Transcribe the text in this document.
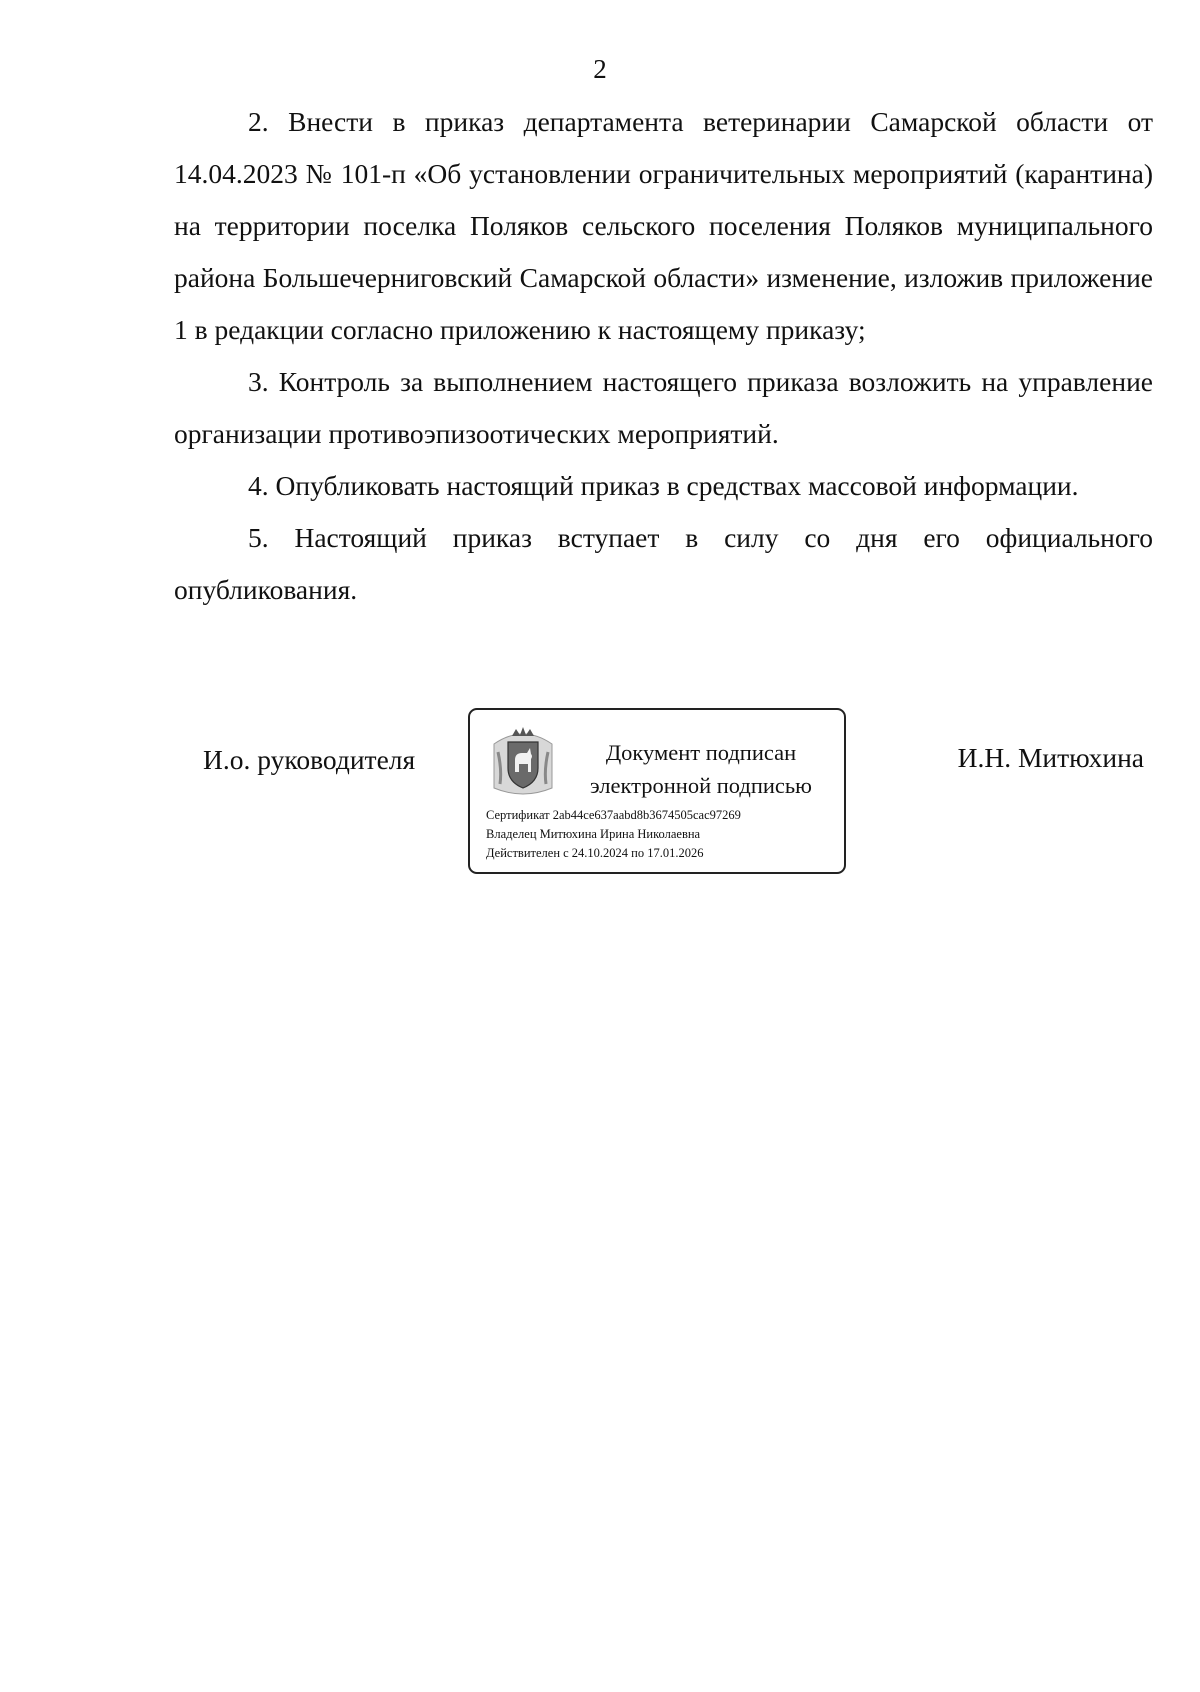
2

2. Внести в приказ департамента ветеринарии Самарской области от 14.04.2023 № 101-п «Об установлении ограничительных мероприятий (карантина) на территории поселка Поляков сельского поселения Поляков муниципального района Большечерниговский Самарской области» изменение, изложив приложение 1 в редакции согласно приложению к настоящему приказу;

3. Контроль за выполнением настоящего приказа возложить на управление организации противоэпизоотических мероприятий.

4. Опубликовать настоящий приказ в средствах массовой информации.

5. Настоящий приказ вступает в силу со дня его официального опубликования.

И.о. руководителя	Документ подписан
электронной подписью
Сертификат 2ab44ce637aabd8b3674505cac97269
Владелец Митюхина Ирина Николаевна
Действителен с 24.10.2024 по 17.01.2026
И.Н. Митюхина
